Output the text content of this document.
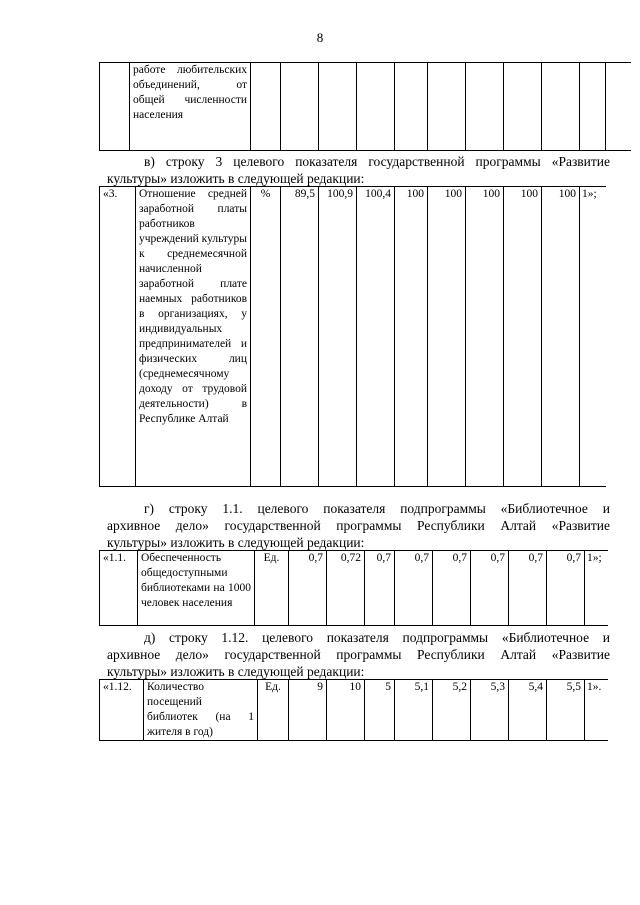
8
	работе любительских объединений, от общей численности населения											
в) строку 3 целевого показателя государственной программы «Развитие
культуры» изложить в следующей редакции:
«3.	Отношение средней заработной платы работников учреждений культуры к среднемесячной начисленной заработной плате наемных работников в организациях, у индивидуальных предпринимателей и физических лиц (среднемесячному доходу от трудовой деятельности) в Республике Алтай	%	89,5	100,9	100,4	100	100	100	100	100	1»;
г) строку 1.1. целевого показателя подпрограммы «Библиотечное и
архивное дело» государственной программы Республики Алтай «Развитие
культуры» изложить в следующей редакции:
«1.1.	Обеспеченность общедоступными библиотеками на 1000 человек населения	Ед.	0,7	0,72	0,7	0,7	0,7	0,7	0,7	0,7	1»;
д) строку 1.12. целевого показателя подпрограммы «Библиотечное и
архивное дело» государственной программы Республики Алтай «Развитие
культуры» изложить в следующей редакции:
«1.12.	Количество посещений библиотек (на 1 жителя в год)	Ед.	9	10	5	5,1	5,2	5,3	5,4	5,5	1».
